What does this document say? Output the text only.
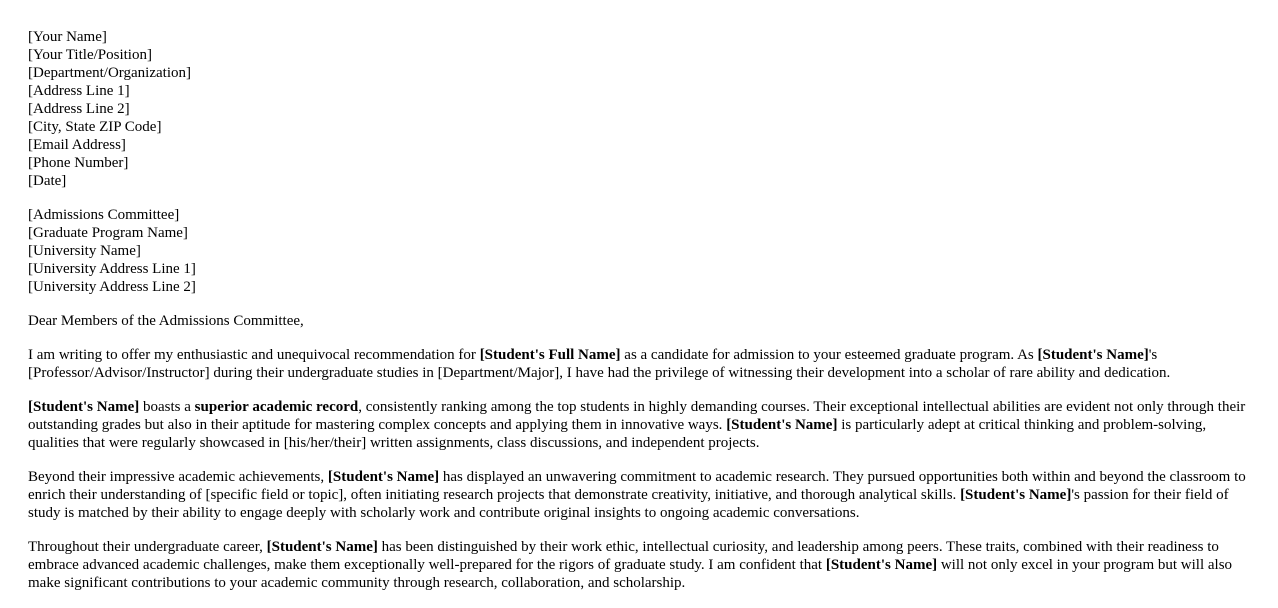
[Your Name]
[Your Title/Position]
[Department/Organization]
[Address Line 1]
[Address Line 2]
[City, State ZIP Code]
[Email Address]
[Phone Number]
[Date]
[Admissions Committee]
[Graduate Program Name]
[University Name]
[University Address Line 1]
[University Address Line 2]

Dear Members of the Admissions Committee,

I am writing to offer my enthusiastic and unequivocal recommendation for [Student's Full Name] as a candidate for admission to your esteemed graduate program. As [Student's Name]'s [Professor/Advisor/Instructor] during their undergraduate studies in [Department/Major], I have had the privilege of witnessing their development into a scholar of rare ability and dedication.

[Student's Name] boasts a superior academic record, consistently ranking among the top students in highly demanding courses. Their exceptional intellectual abilities are evident not only through their outstanding grades but also in their aptitude for mastering complex concepts and applying them in innovative ways. [Student's Name] is particularly adept at critical thinking and problem-solving, qualities that were regularly showcased in [his/her/their] written assignments, class discussions, and independent projects.

Beyond their impressive academic achievements, [Student's Name] has displayed an unwavering commitment to academic research. They pursued opportunities both within and beyond the classroom to enrich their understanding of [specific field or topic], often initiating research projects that demonstrate creativity, initiative, and thorough analytical skills. [Student's Name]'s passion for their field of study is matched by their ability to engage deeply with scholarly work and contribute original insights to ongoing academic conversations.

Throughout their undergraduate career, [Student's Name] has been distinguished by their work ethic, intellectual curiosity, and leadership among peers. These traits, combined with their readiness to embrace advanced academic challenges, make them exceptionally well-prepared for the rigors of graduate study. I am confident that [Student's Name] will not only excel in your program but will also make significant contributions to your academic community through research, collaboration, and scholarship.
